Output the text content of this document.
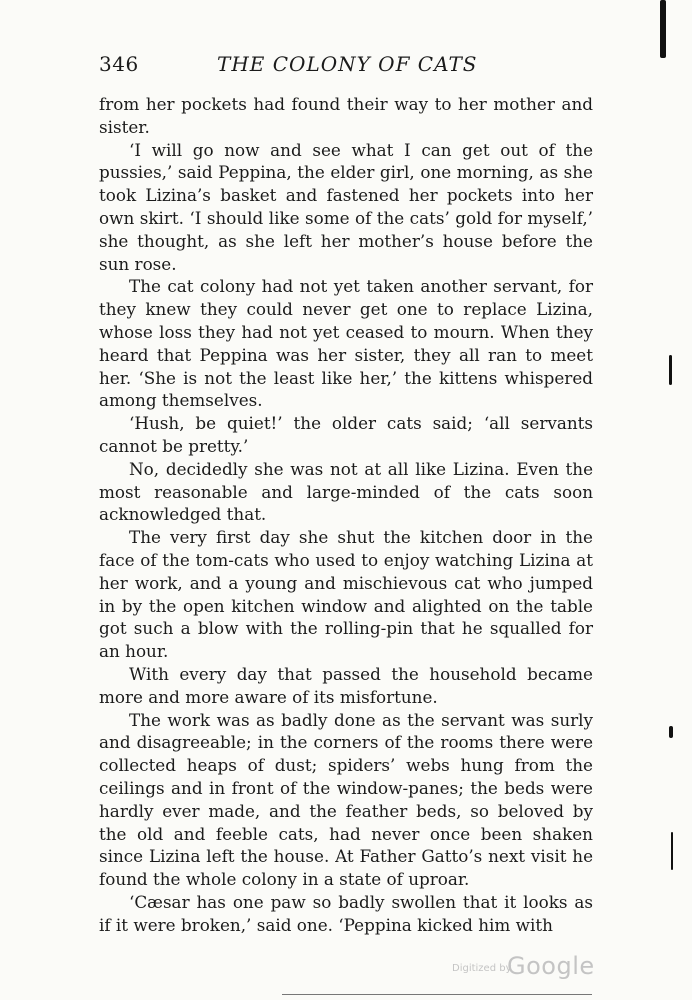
346	THE COLONY OF CATS

from her pockets had found their way to her mother and sister.

‘I will go now and see what I can get out of the pussies,’ said Peppina, the elder girl, one morning, as she took Lizina’s basket and fastened her pockets into her own skirt. ‘I should like some of the cats’ gold for myself,’ she thought, as she left her mother’s house before the sun rose.

The cat colony had not yet taken another servant, for they knew they could never get one to replace Lizina, whose loss they had not yet ceased to mourn. When they heard that Peppina was her sister, they all ran to meet her. ‘She is not the least like her,’ the kittens whispered among themselves.

‘Hush, be quiet!’ the older cats said; ‘all servants cannot be pretty.’

No, decidedly she was not at all like Lizina. Even the most reasonable and large-minded of the cats soon acknowledged that.

The very first day she shut the kitchen door in the face of the tom-cats who used to enjoy watching Lizina at her work, and a young and mischievous cat who jumped in by the open kitchen window and alighted on the table got such a blow with the rolling-pin that he squalled for an hour.

With every day that passed the household became more and more aware of its misfortune.

The work was as badly done as the servant was surly and disagreeable; in the corners of the rooms there were collected heaps of dust; spiders’ webs hung from the ceilings and in front of the window-panes; the beds were hardly ever made, and the feather beds, so beloved by the old and feeble cats, had never once been shaken since Lizina left the house. At Father Gatto’s next visit he found the whole colony in a state of uproar.

‘Cæsar has one paw so badly swollen that it looks as if it were broken,’ said one. ‘Peppina kicked him with

Digitized by
Google
